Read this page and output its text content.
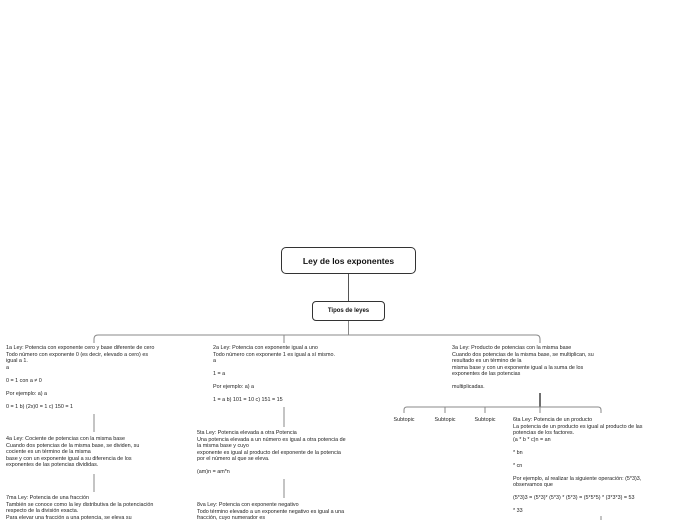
Ley de los exponentes
Tipos de leyes
1a Ley: Potencia con exponente cero y base diferente de cero
Todo número con exponente 0 (es decir, elevado a cero) es
igual a 1.
a

0 = 1 con a ≠ 0

Por ejemplo: a) a

0 = 1 b) (2x)0 = 1 c) 150 = 1
2a Ley: Potencia con exponente igual a uno
Todo número con exponente 1 es igual a sí mismo.
a

1 = a

Por ejemplo: a) a

1 = a b) 101 = 10 c) 151 = 15
3a Ley: Producto de potencias con la misma base
Cuando dos potencias de la misma base, se multiplican, su
resultado es un término de la
misma base y con un exponente igual a la suma de los
exponentes de las potencias

multiplicadas.
4a Ley: Cociente de potencias con la misma base
Cuando dos potencias de la misma base, se dividen, su
cociente es un término de la misma
base y con un exponente igual a su diferencia de los
exponentes de las potencias divididas.
5ta Ley: Potencia elevada a otra Potencia
Una potencia elevada a un número es igual a otra potencia de
la misma base y cuyo
exponente es igual al producto del exponente de la potencia
por el número al que se eleva.

(am)n = am*n
6ta Ley: Potencia de un producto
La potencia de un producto es igual al producto de las
potencias de los factores.
(a * b * c)n = an

* bn

* cn

Por ejemplo, al realizar la siguiente operación: (5*3)3,
observamos que

(5*3)3 = (5*3)* (5*3) * (5*3) = (5*5*5) * (3*3*3) = 53

* 33
7ma Ley: Potencia de una fracción
También se conoce como la ley distributiva de la potenciación
respecto de la división exacta.
Para elevar una fracción a una potencia, se eleva su
8va Ley: Potencia con exponente negativo
Todo término elevado a un exponente negativo es igual a una
fracción, cuyo numerador es
Subtopic	Subtopic	Subtopic
